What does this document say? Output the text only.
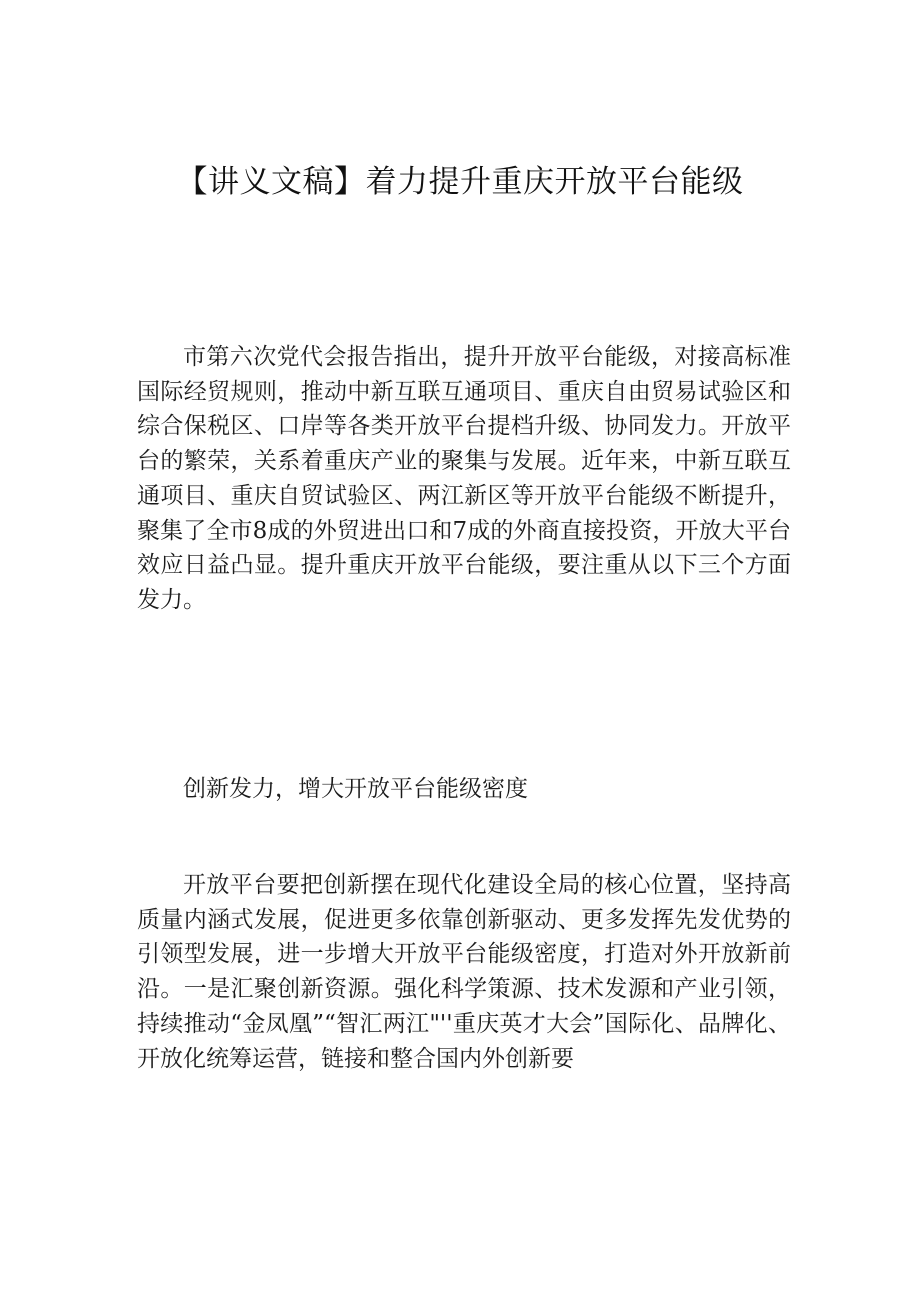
【讲义文稿】着力提升重庆开放平台能级

市第六次党代会报告指出，提升开放平台能级，对接高标准国际经贸规则，推动中新互联互通项目、重庆自由贸易试验区和综合保税区、口岸等各类开放平台提档升级、协同发力。开放平台的繁荣，关系着重庆产业的聚集与发展。近年来，中新互联互通项目、重庆自贸试验区、两江新区等开放平台能级不断提升，聚集了全市8成的外贸进出口和7成的外商直接投资，开放大平台效应日益凸显。提升重庆开放平台能级，要注重从以下三个方面发力。

创新发力，增大开放平台能级密度

开放平台要把创新摆在现代化建设全局的核心位置，坚持高质量内涵式发展，促进更多依靠创新驱动、更多发挥先发优势的引领型发展，进一步增大开放平台能级密度，打造对外开放新前沿。一是汇聚创新资源。强化科学策源、技术发源和产业引领，持续推动“金凤凰”“智汇两江"''重庆英才大会”国际化、品牌化、开放化统筹运营，链接和整合国内外创新要
